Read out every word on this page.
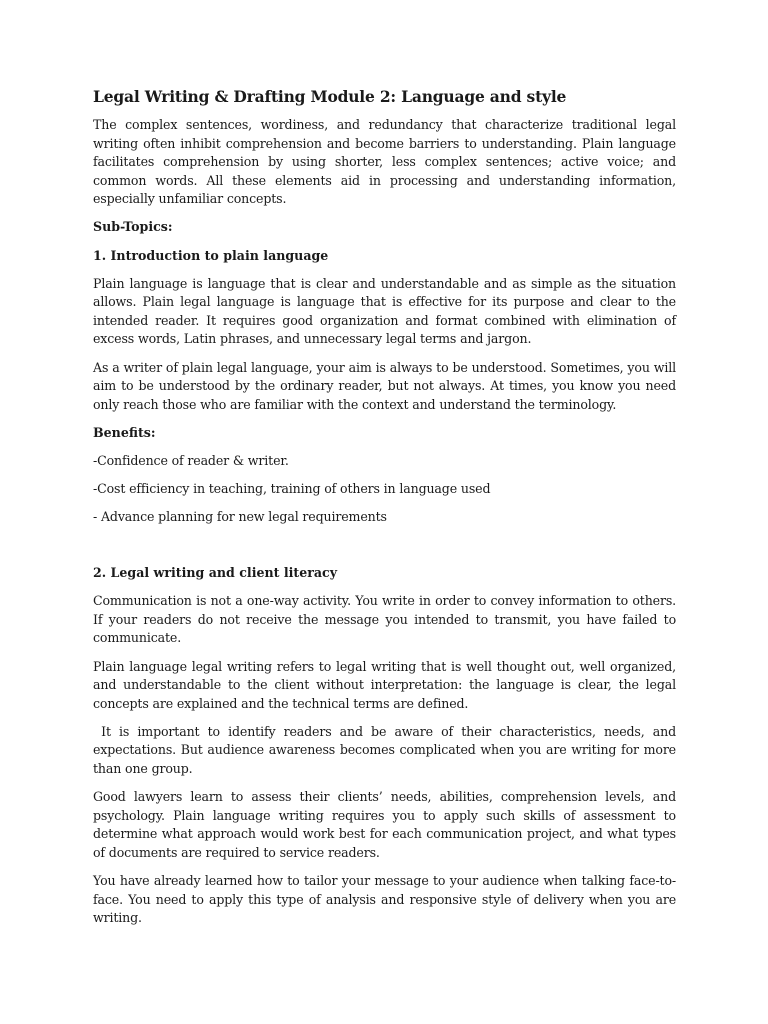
Legal Writing & Drafting Module 2: Language and style

The complex sentences, wordiness, and redundancy that characterize traditional legal writing often inhibit comprehension and become barriers to understanding. Plain language facilitates comprehension by using shorter, less complex sentences; active voice; and common words. All these elements aid in processing and understanding information, especially unfamiliar concepts.

Sub-Topics:
1. Introduction to plain language

Plain language is language that is clear and understandable and as simple as the situation allows. Plain legal language is language that is effective for its purpose and clear to the intended reader. It requires good organization and format combined with elimination of excess words, Latin phrases, and unnecessary legal terms and jargon.

As a writer of plain legal language, your aim is always to be understood. Sometimes, you will aim to be understood by the ordinary reader, but not always. At times, you know you need only reach those who are familiar with the context and understand the terminology.

Benefits:

-Confidence of reader & writer.

-Cost efficiency in teaching, training of others in language used

- Advance planning for new legal requirements

2. Legal writing and client literacy

Communication is not a one-way activity. You write in order to convey information to others. If your readers do not receive the message you intended to transmit, you have failed to communicate.

Plain language legal writing refers to legal writing that is well thought out, well organized, and understandable to the client without interpretation: the language is clear, the legal concepts are explained and the technical terms are defined.

It is important to identify readers and be aware of their characteristics, needs, and expectations. But audience awareness becomes complicated when you are writing for more than one group.

Good lawyers learn to assess their clients’ needs, abilities, comprehension levels, and psychology. Plain language writing requires you to apply such skills of assessment to determine what approach would work best for each communication project, and what types of documents are required to service readers.

You have already learned how to tailor your message to your audience when talking face-to-face. You need to apply this type of analysis and responsive style of delivery when you are writing.
